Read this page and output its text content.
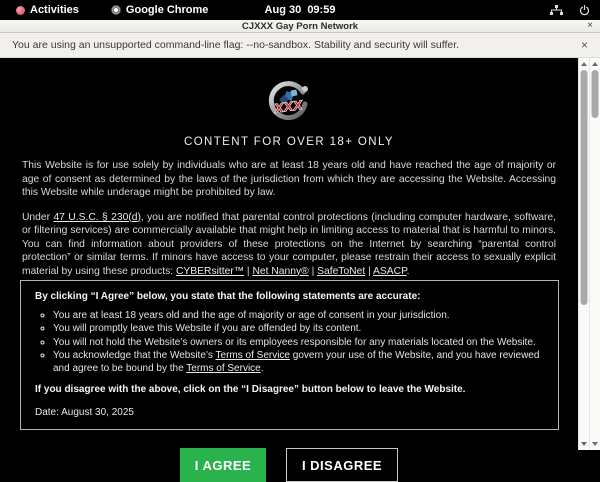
Activities	Google Chrome	Aug 30  09:59
CJXXX Gay Porn Network	×
You are using an unsupported command-line flag: --no-sandbox. Stability and security will suffer.	×
xxx
CONTENT FOR OVER 18+ ONLY

This Website is for use solely by individuals who are at least 18 years old and have reached the age of majority or age of consent as determined by the laws of the jurisdiction from which they are accessing the Website. Accessing this Website while underage might be prohibited by law.

Under 47 U.S.C. § 230(d), you are notified that parental control protections (including computer hardware, software, or filtering services) are commercially available that might help in limiting access to material that is harmful to minors. You can find information about providers of these protections on the Internet by searching “parental control protection” or similar terms. If minors have access to your computer, please restrain their access to sexually explicit material by using these products: CYBERsitter™ | Net Nanny® | SafeToNet | ASACP.

By clicking “I Agree” below, you state that the following statements are accurate:
◦ You are at least 18 years old and the age of majority or age of consent in your jurisdiction.
◦ You will promptly leave this Website if you are offended by its content.
◦ You will not hold the Website’s owners or its employees responsible for any materials located on the Website.
◦ You acknowledge that the Website’s Terms of Service govern your use of the Website, and you have reviewed and agree to be bound by the Terms of Service.
If you disagree with the above, click on the “I Disagree” button below to leave the Website.
Date: August 30, 2025
I AGREE	I DISAGREE
